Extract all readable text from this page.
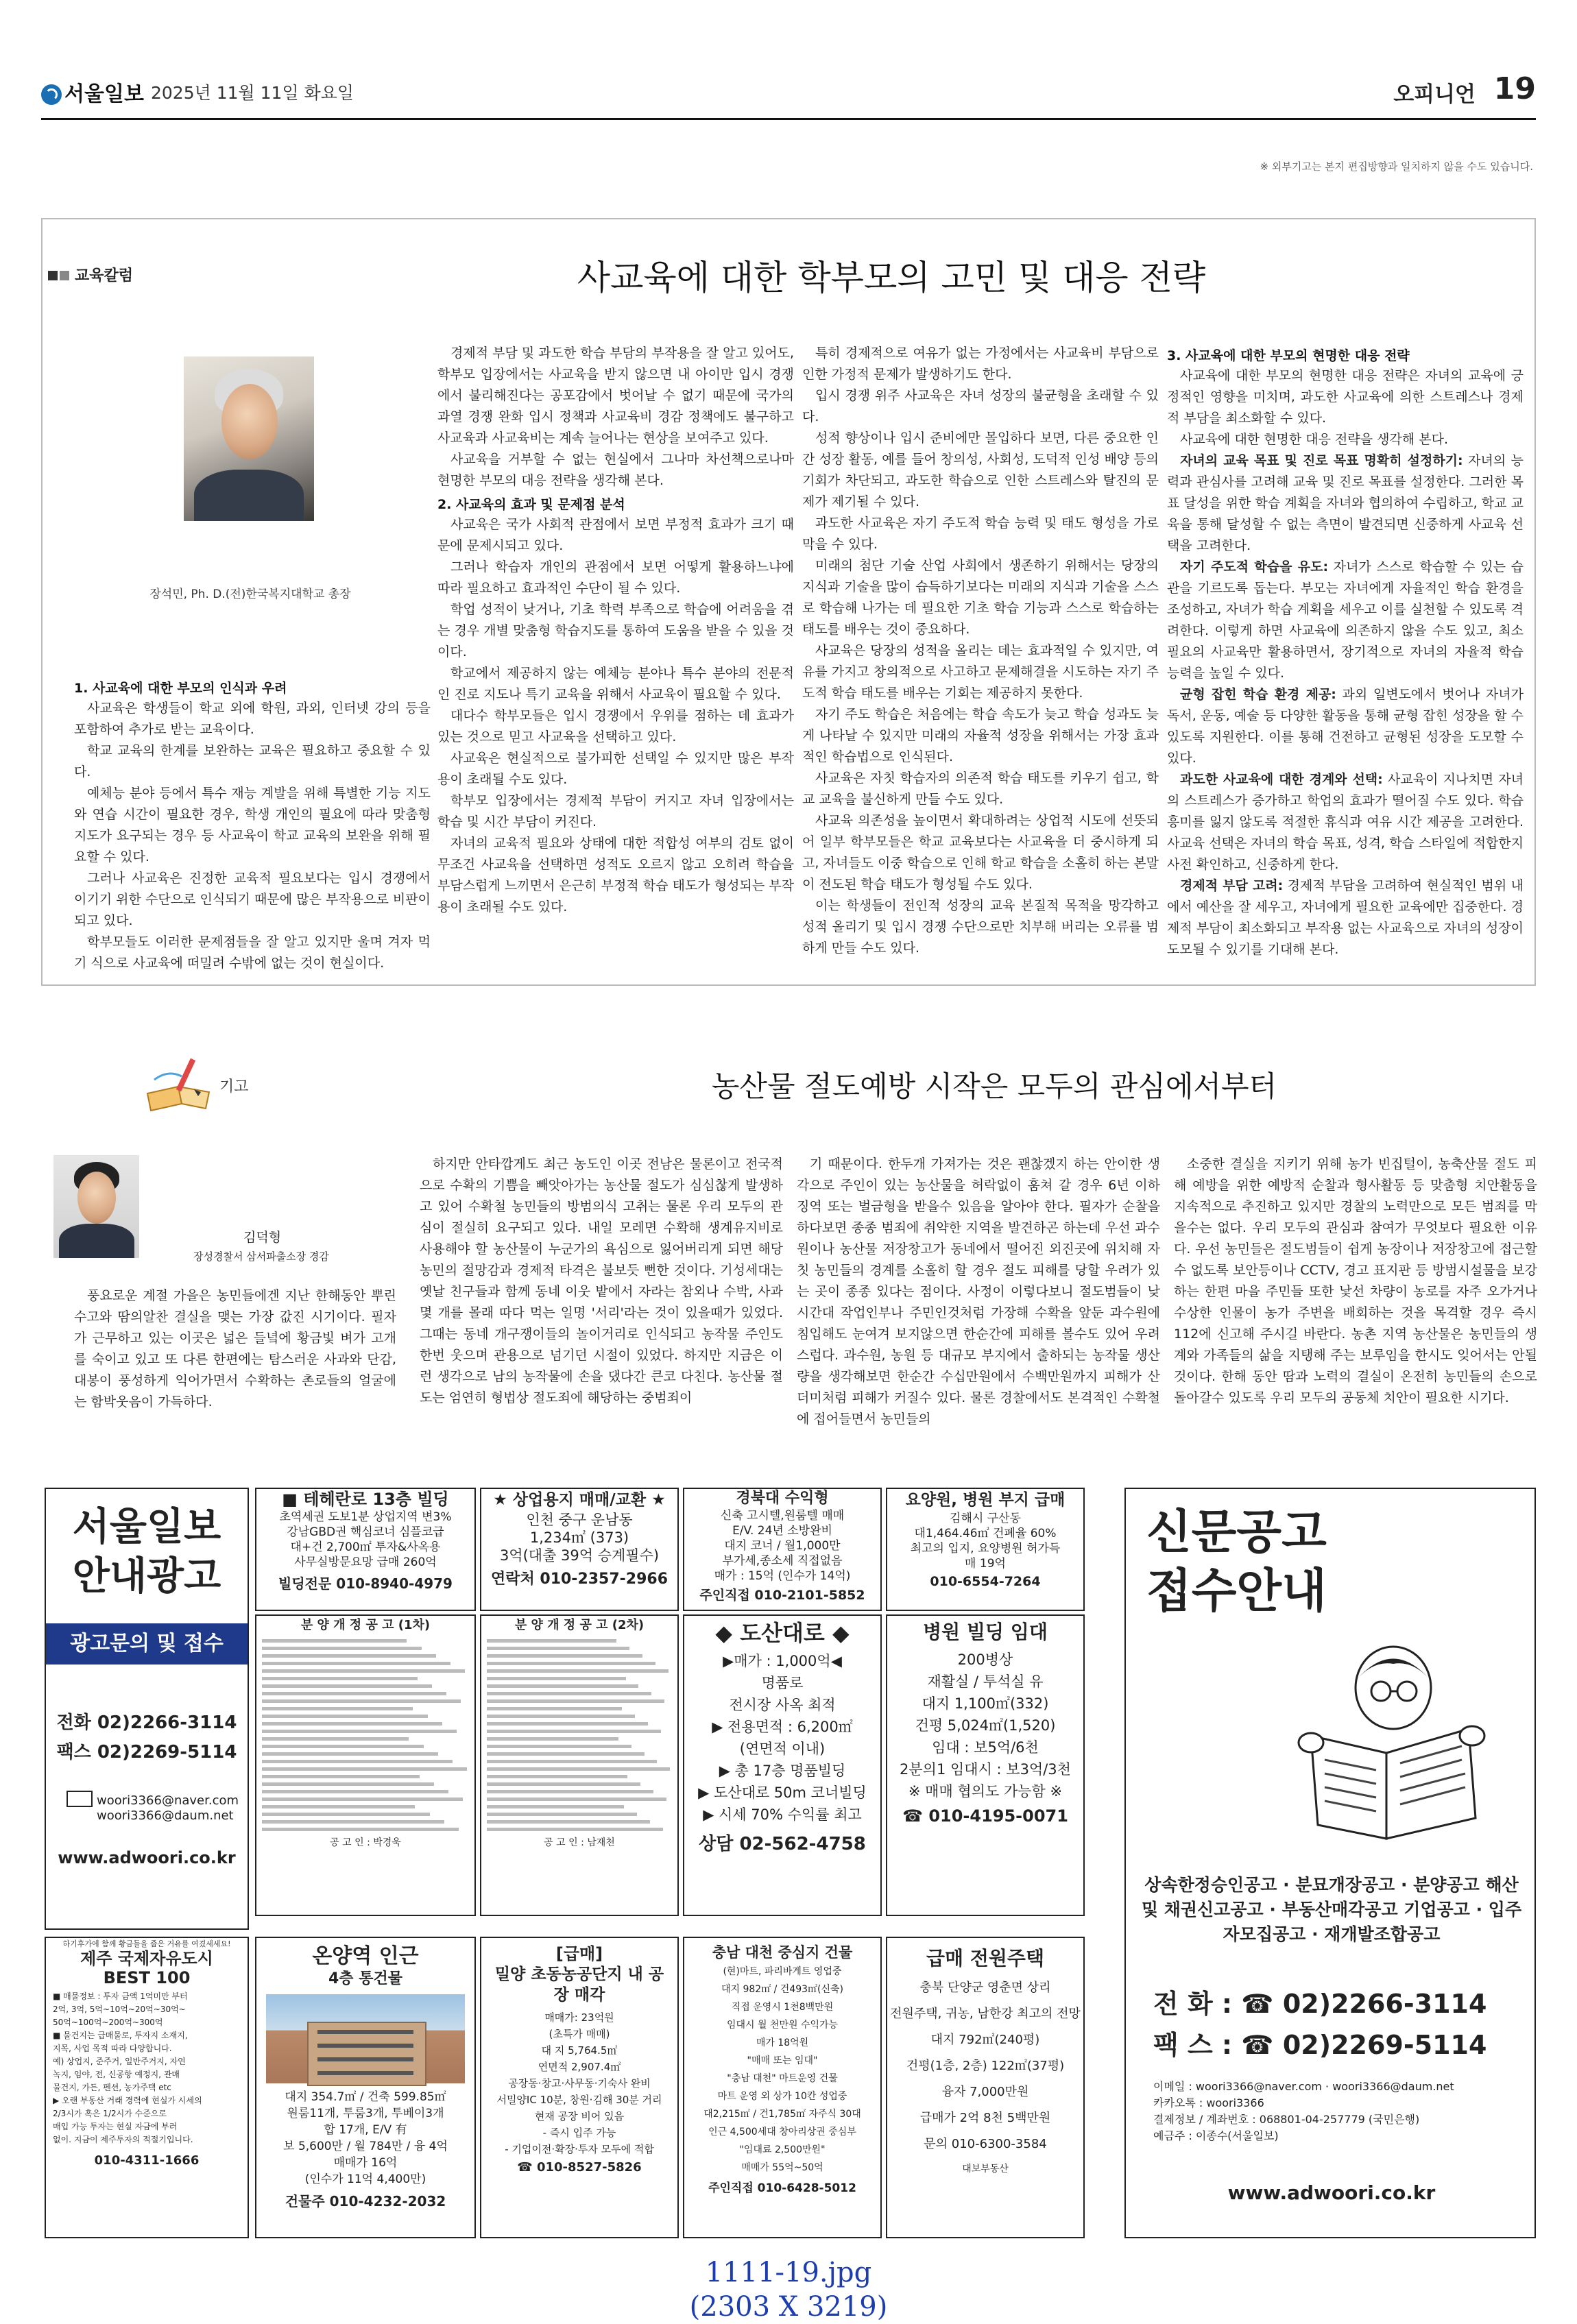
서울일보 2025년 11월 11일 화요일	오피니언 19
※ 외부기고는 본지 편집방향과 일치하지 않을 수도 있습니다.
교육칼럼	사교육에 대한 학부모의 고민 및 대응 전략
장석민, Ph. D.(전)한국복지대학교 총장
1. 사교육에 대한 부모의 인식과 우려

사교육은 학생들이 학교 외에 학원, 과외, 인터넷 강의 등을 포함하여 추가로 받는 교육이다.

학교 교육의 한계를 보완하는 교육은 필요하고 중요할 수 있다.

예체능 분야 등에서 특수 재능 계발을 위해 특별한 기능 지도와 연습 시간이 필요한 경우, 학생 개인의 필요에 따라 맞춤형 지도가 요구되는 경우 등 사교육이 학교 교육의 보완을 위해 필요할 수 있다.

그러나 사교육은 진정한 교육적 필요보다는 입시 경쟁에서 이기기 위한 수단으로 인식되기 때문에 많은 부작용으로 비판이 되고 있다.

학부모들도 이러한 문제점들을 잘 알고 있지만 울며 겨자 먹기 식으로 사교육에 떠밀려 수밖에 없는 것이 현실이다.

경제적 부담 및 과도한 학습 부담의 부작용을 잘 알고 있어도, 학부모 입장에서는 사교육을 받지 않으면 내 아이만 입시 경쟁에서 불리해진다는 공포감에서 벗어날 수 없기 때문에 국가의 과열 경쟁 완화 입시 정책과 사교육비 경감 정책에도 불구하고 사교육과 사교육비는 계속 늘어나는 현상을 보여주고 있다.

사교육을 거부할 수 없는 현실에서 그나마 차선책으로나마 현명한 부모의 대응 전략을 생각해 본다.

2. 사교육의 효과 및 문제점 분석

사교육은 국가 사회적 관점에서 보면 부정적 효과가 크기 때문에 문제시되고 있다.

그러나 학습자 개인의 관점에서 보면 어떻게 활용하느냐에 따라 필요하고 효과적인 수단이 될 수 있다.

학업 성적이 낮거나, 기초 학력 부족으로 학습에 어려움을 겪는 경우 개별 맞춤형 학습지도를 통하여 도움을 받을 수 있을 것이다.

학교에서 제공하지 않는 예체능 분야나 특수 분야의 전문적인 진로 지도나 특기 교육을 위해서 사교육이 필요할 수 있다.

대다수 학부모들은 입시 경쟁에서 우위를 점하는 데 효과가 있는 것으로 믿고 사교육을 선택하고 있다.

사교육은 현실적으로 불가피한 선택일 수 있지만 많은 부작용이 초래될 수도 있다.

학부모 입장에서는 경제적 부담이 커지고 자녀 입장에서는 학습 및 시간 부담이 커진다.

자녀의 교육적 필요와 상태에 대한 적합성 여부의 검토 없이 무조건 사교육을 선택하면 성적도 오르지 않고 오히려 학습을 부담스럽게 느끼면서 은근히 부정적 학습 태도가 형성되는 부작용이 초래될 수도 있다.

특히 경제적으로 여유가 없는 가정에서는 사교육비 부담으로 인한 가정적 문제가 발생하기도 한다.

입시 경쟁 위주 사교육은 자녀 성장의 불균형을 초래할 수 있다.

성적 향상이나 입시 준비에만 몰입하다 보면, 다른 중요한 인간 성장 활동, 예를 들어 창의성, 사회성, 도덕적 인성 배양 등의 기회가 차단되고, 과도한 학습으로 인한 스트레스와 탈진의 문제가 제기될 수 있다.

과도한 사교육은 자기 주도적 학습 능력 및 태도 형성을 가로막을 수 있다.

미래의 첨단 기술 산업 사회에서 생존하기 위해서는 당장의 지식과 기술을 많이 습득하기보다는 미래의 지식과 기술을 스스로 학습해 나가는 데 필요한 기초 학습 기능과 스스로 학습하는 태도를 배우는 것이 중요하다.

사교육은 당장의 성적을 올리는 데는 효과적일 수 있지만, 여유를 가지고 창의적으로 사고하고 문제해결을 시도하는 자기 주도적 학습 태도를 배우는 기회는 제공하지 못한다.

자기 주도 학습은 처음에는 학습 속도가 늦고 학습 성과도 늦게 나타날 수 있지만 미래의 자율적 성장을 위해서는 가장 효과적인 학습법으로 인식된다.

사교육은 자칫 학습자의 의존적 학습 태도를 키우기 쉽고, 학교 교육을 불신하게 만들 수도 있다.

사교육 의존성을 높이면서 확대하려는 상업적 시도에 선뜻되어 일부 학부모들은 학교 교육보다는 사교육을 더 중시하게 되고, 자녀들도 이중 학습으로 인해 학교 학습을 소홀히 하는 본말이 전도된 학습 태도가 형성될 수도 있다.

이는 학생들이 전인적 성장의 교육 본질적 목적을 망각하고 성적 올리기 및 입시 경쟁 수단으로만 치부해 버리는 오류를 범하게 만들 수도 있다.

3. 사교육에 대한 부모의 현명한 대응 전략

사교육에 대한 부모의 현명한 대응 전략은 자녀의 교육에 긍정적인 영향을 미치며, 과도한 사교육에 의한 스트레스나 경제적 부담을 최소화할 수 있다.

사교육에 대한 현명한 대응 전략을 생각해 본다.

자녀의 교육 목표 및 진로 목표 명확히 설정하기: 자녀의 능력과 관심사를 고려해 교육 및 진로 목표를 설정한다. 그러한 목표 달성을 위한 학습 계획을 자녀와 협의하여 수립하고, 학교 교육을 통해 달성할 수 없는 측면이 발견되면 신중하게 사교육 선택을 고려한다.

자기 주도적 학습을 유도: 자녀가 스스로 학습할 수 있는 습관을 기르도록 돕는다. 부모는 자녀에게 자율적인 학습 환경을 조성하고, 자녀가 학습 계획을 세우고 이를 실천할 수 있도록 격려한다. 이렇게 하면 사교육에 의존하지 않을 수도 있고, 최소 필요의 사교육만 활용하면서, 장기적으로 자녀의 자율적 학습 능력을 높일 수 있다.

균형 잡힌 학습 환경 제공: 과외 일변도에서 벗어나 자녀가 독서, 운동, 예술 등 다양한 활동을 통해 균형 잡힌 성장을 할 수 있도록 지원한다. 이를 통해 건전하고 균형된 성장을 도모할 수 있다.

과도한 사교육에 대한 경계와 선택: 사교육이 지나치면 자녀의 스트레스가 증가하고 학업의 효과가 떨어질 수도 있다. 학습 흥미를 잃지 않도록 적절한 휴식과 여유 시간 제공을 고려한다. 사교육 선택은 자녀의 학습 목표, 성격, 학습 스타일에 적합한지 사전 확인하고, 신중하게 한다.

경제적 부담 고려: 경제적 부담을 고려하여 현실적인 범위 내에서 예산을 잘 세우고, 자녀에게 필요한 교육에만 집중한다. 경제적 부담이 최소화되고 부작용 없는 사교육으로 자녀의 성장이 도모될 수 있기를 기대해 본다.

기고	농산물 절도예방 시작은 모두의 관심에서부터
김덕형
장성경찰서 삼서파출소장 경감

풍요로운 계절 가을은 농민들에겐 지난 한해동안 뿌린 수고와 땀의알찬 결실을 맺는 가장 값진 시기이다. 필자가 근무하고 있는 이곳은 넓은 들녘에 황금빛 벼가 고개를 숙이고 있고 또 다른 한편에는 탐스러운 사과와 단감, 대봉이 풍성하게 익어가면서 수확하는 촌로들의 얼굴에는 함박웃음이 가득하다.

하지만 안타깝게도 최근 농도인 이곳 전남은 물론이고 전국적으로 수확의 기쁨을 빼앗아가는 농산물 절도가 심심찮게 발생하고 있어 수확철 농민들의 방범의식 고취는 물론 우리 모두의 관심이 절실히 요구되고 있다. 내일 모레면 수확해 생계유지비로 사용해야 할 농산물이 누군가의 욕심으로 잃어버리게 되면 해당 농민의 절망감과 경제적 타격은 불보듯 뻔한 것이다. 기성세대는 옛날 친구들과 함께 동네 이웃 밭에서 자라는 참외나 수박, 사과 몇 개를 몰래 따다 먹는 일명 '서리'라는 것이 있을때가 있었다. 그때는 동네 개구쟁이들의 놀이거리로 인식되고 농작물 주인도 한번 웃으며 관용으로 넘기던 시절이 있었다. 하지만 지금은 이런 생각으로 남의 농작물에 손을 댔다간 큰코 다친다. 농산물 절도는 엄연히 형법상 절도죄에 해당하는 중범죄이

기 때문이다. 한두개 가져가는 것은 괜찮겠지 하는 안이한 생각으로 주인이 있는 농산물을 허락없이 훔쳐 갈 경우 6년 이하 징역 또는 벌금형을 받을수 있음을 알아야 한다. 필자가 순찰을 하다보면 종종 범죄에 취약한 지역을 발견하곤 하는데 우선 과수원이나 농산물 저장창고가 동네에서 떨어진 외진곳에 위치해 자칫 농민들의 경계를 소홀히 할 경우 절도 피해를 당할 우려가 있는 곳이 종종 있다는 점이다. 사정이 이렇다보니 절도범들이 낮 시간대 작업인부나 주민인것처럼 가장해 수확을 앞둔 과수원에 침입해도 눈여겨 보지않으면 한순간에 피해를 볼수도 있어 우려스럽다. 과수원, 농원 등 대규모 부지에서 출하되는 농작물 생산량을 생각해보면 한순간 수십만원에서 수백만원까지 피해가 산더미처럼 피해가 커질수 있다. 물론 경찰에서도 본격적인 수확철에 접어들면서 농민들의

소중한 결실을 지키기 위해 농가 빈집털이, 농축산물 절도 피해 예방을 위한 예방적 순찰과 형사활동 등 맞춤형 치안활동을 지속적으로 추진하고 있지만 경찰의 노력만으로 모든 범죄를 막을수는 없다. 우리 모두의 관심과 참여가 무엇보다 필요한 이유다. 우선 농민들은 절도범들이 쉽게 농장이나 저장창고에 접근할수 없도록 보안등이나 CCTV, 경고 표지판 등 방범시설물을 보강하는 한편 마을 주민들 또한 낯선 차량이 농로를 자주 오가거나 수상한 인물이 농가 주변을 배회하는 것을 목격할 경우 즉시 112에 신고해 주시길 바란다. 농촌 지역 농산물은 농민들의 생계와 가족들의 삶을 지탱해 주는 보루임을 한시도 잊어서는 안될 것이다. 한해 동안 땀과 노력의 결실이 온전히 농민들의 손으로 돌아갈수 있도록 우리 모두의 공동체 치안이 필요한 시기다.

서울일보
안내광고
광고문의 및 접수
전화 02)2266-3114
팩스 02)2269-5114
woori3366@naver.com
woori3366@daum.net
www.adwoori.co.kr
■ 테헤란로 13층 빌딩
초역세권 도보1분 상업지역 변3%
강남GBD권 핵심코너 심플코급
대+건 2,700㎡ 투자&사옥용
사무실방문요망 급매 260억
빌딩전문 010-8940-4979
★ 상업용지 매매/교환 ★
인천 중구 운남동
1,234㎡ (373)
3억(대출 39억 승계필수)
연락처 010-2357-2966
경북대 수익형
신축 고시텔,원룸텔 매매
E/V. 24년 소방완비
대지 코너 / 월1,000만
부가세,종소세 직접없음
매가 : 15억 (인수가 14억)
주인직접 010-2101-5852
요양원, 병원 부지 급매
김해시 구산동
대1,464.46㎡ 건폐율 60%
최고의 입지, 요양병원 허가득
매 19억
010-6554-7264
분 양 개 정 공 고 (1차)
공 고 인 : 박경욱
분 양 개 정 공 고 (2차)
공 고 인 : 남재천
◆ 도산대로 ◆
▶매가 : 1,000억◀
명품로
전시장 사옥 최적
▶ 전용면적 : 6,200㎡
(연면적 이내)
▶ 총 17층 명품빌딩
▶ 도산대로 50m 코너빌딩
▶ 시세 70% 수익률 최고
상담 02-562-4758
병원 빌딩 임대
200병상
재활실 / 투석실 유
대지 1,100㎡(332)
건평 5,024㎡(1,520)
임대 : 보5억/6천
2분의1 임대시 : 보3억/3천
※ 매매 협의도 가능함 ※
☎ 010-4195-0071
신문공고
접수안내
상속한정승인공고 · 분묘개장공고 · 분양공고 해산 및 채권신고공고 · 부동산매각공고 기업공고 · 입주자모집공고 · 재개발조합공고
전 화 : ☎ 02)2266-3114
팩 스 : ☎ 02)2269-5114
이메일 : woori3366@naver.com · woori3366@daum.net
카카오톡 : woori3366
결제정보 / 계좌번호 : 068801-04-257779 (국민은행)
예금주 : 이종수(서울일보)
www.adwoori.co.kr
하기후가에 함께 황금들을 줍은 거유를 여겼세세요!
제주 국제자유도시
BEST 100
■ 매물정보 : 투자 금액 1억미만 부터
2억, 3억, 5억~10억~20억~30억~
50억~100억~200억~300억
■ 물건지는 급매물로, 투자지 소재지,
지목, 사업 목적 따라 다양합니다.
예) 상업지, 준주거, 일반주거지, 자연
녹지, 임야, 전, 신공항 예정지, 관매
물건지, 가든, 펜션, 농가주택 etc
▶ 오랜 부동산 거래 경력에 현실가 시세의
2/3시가 혹은 1/2시가 수준으로
매입 가능 투자는 현실 자금에 부러
없이. 지금이 제주투자의 적절기입니다.
010-4311-1666
온양역 인근
4층 통건물
대지 354.7㎡ / 건축 599.85㎡
원룸11개, 투룸3개, 투베이3개
합 17개, E/V 有
보 5,600만 / 월 784만 / 융 4억
매매가 16억
(인수가 11억 4,400만)
건물주 010-4232-2032
[급매]
밀양 초동농공단지 내 공장 매각
매매가: 23억원
(초특가 매매)
대 지 5,764.5㎡
연면적 2,907.4㎡
공장동·창고·사무동·기숙사 완비
서밀양IC 10분, 창원·김해 30분 거리
현재 공장 비어 있음
- 즉시 입주 가능
- 기업이전·확장·투자 모두에 적합
☎ 010-8527-5826
충남 대천 중심지 건물
(현)마트, 파리바게트 영업중
대지 982㎡ / 건493㎡(신축)
직접 운영시 1천8백만원
임대시 월 천만원 수익가능
매가 18억원
"매매 또는 임대"
"충남 대천" 마트운영 건물
마트 운영 외 상가 10칸 성업중
대2,215㎡ / 건1,785㎡ 자주식 30대
인근 4,500세대 창아리상권 중심부
"임대료 2,500만원"
매매가 55억~50억
주인직접 010-6428-5012
급매 전원주택
충북 단양군 영춘면 상리
전원주택, 귀농, 남한강 최고의 전망
대지 792㎡(240평)
건평(1층, 2층) 122㎡(37평)
융자 7,000만원
급매가 2억 8천 5백만원
문의 010-6300-3584
대보부동산
1111-19.jpg
(2303 X 3219)
